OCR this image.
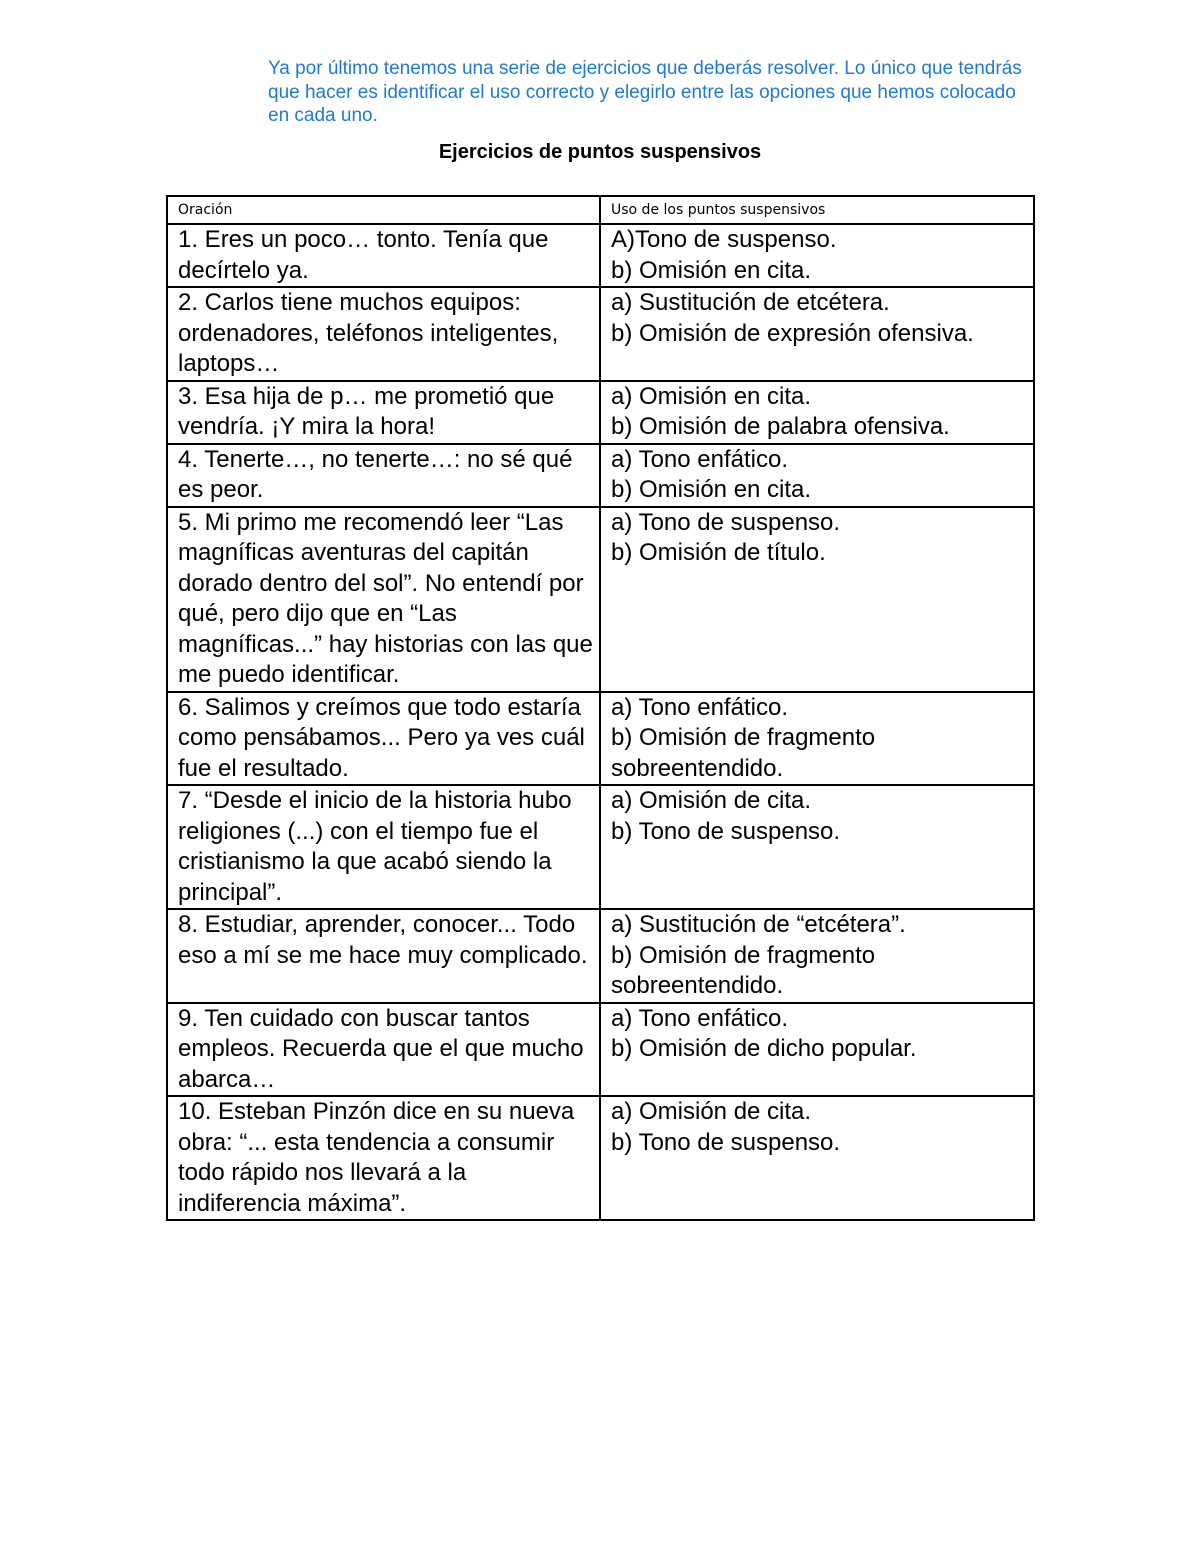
Ya por último tenemos una serie de ejercicios que deberás resolver. Lo único que tendrás que hacer es identificar el uso correcto y elegirlo entre las opciones que hemos colocado en cada uno.

Ejercicios de puntos suspensivos
Oración	Uso de los puntos suspensivos
1. Eres un poco… tonto. Tenía que decírtelo ya.	A)Tono de suspenso.
b) Omisión en cita.

2. Carlos tiene muchos equipos: ordenadores, teléfonos inteligentes, laptops…	a) Sustitución de etcétera.
b) Omisión de expresión ofensiva.

3. Esa hija de p… me prometió que vendría. ¡Y mira la hora!	a) Omisión en cita.
b) Omisión de palabra ofensiva.

4. Tenerte…, no tenerte…: no sé qué es peor.	a) Tono enfático.
b) Omisión en cita.

5. Mi primo me recomendó leer “Las magníficas aventuras del capitán dorado dentro del sol”. No entendí por qué, pero dijo que en “Las magníficas...” hay historias con las que me puedo identificar.	a) Tono de suspenso.
b) Omisión de título.

6. Salimos y creímos que todo estaría como pensábamos... Pero ya ves cuál fue el resultado.	a) Tono enfático.
b) Omisión de fragmento sobreentendido.

7. “Desde el inicio de la historia hubo religiones (...) con el tiempo fue el cristianismo la que acabó siendo la principal”.	a) Omisión de cita.
b) Tono de suspenso.

8. Estudiar, aprender, conocer... Todo eso a mí se me hace muy complicado.	a) Sustitución de “etcétera”.
b) Omisión de fragmento sobreentendido.

9. Ten cuidado con buscar tantos empleos. Recuerda que el que mucho abarca…	a) Tono enfático.
b) Omisión de dicho popular.

10. Esteban Pinzón dice en su nueva obra: “... esta tendencia a consumir todo rápido nos llevará a la indiferencia máxima”.	a) Omisión de cita.
b) Tono de suspenso.
